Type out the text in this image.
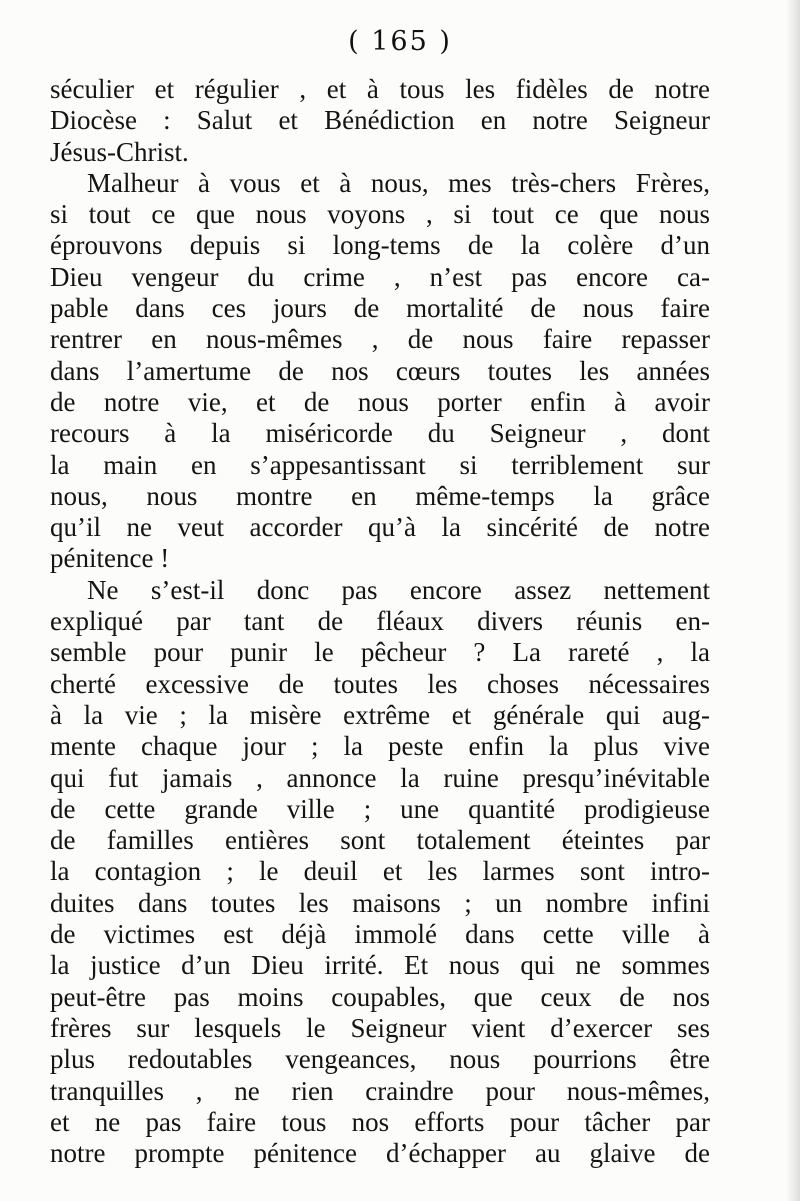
( 165 )
séculier et régulier , et à tous les fidèles de notre
Diocèse : Salut et Bénédiction en notre Seigneur
Jésus-Christ.
Malheur à vous et à nous, mes très-chers Frères,
si tout ce que nous voyons , si tout ce que nous
éprouvons depuis si long-tems de la colère d’un
Dieu vengeur du crime , n’est pas encore ca-
pable dans ces jours de mortalité de nous faire
rentrer en nous-mêmes , de nous faire repasser
dans l’amertume de nos cœurs toutes les années
de notre vie, et de nous porter enfin à avoir
recours à la miséricorde du Seigneur , dont
la main en s’appesantissant si terriblement sur
nous, nous montre en même-temps la grâce
qu’il ne veut accorder qu’à la sincérité de notre
pénitence !
Ne s’est-il donc pas encore assez nettement
expliqué par tant de fléaux divers réunis en-
semble pour punir le pêcheur ? La rareté , la
cherté excessive de toutes les choses nécessaires
à la vie ; la misère extrême et générale qui aug-
mente chaque jour ; la peste enfin la plus vive
qui fut jamais , annonce la ruine presqu’inévitable
de cette grande ville ; une quantité prodigieuse
de familles entières sont totalement éteintes par
la contagion ; le deuil et les larmes sont intro-
duites dans toutes les maisons ; un nombre infini
de victimes est déjà immolé dans cette ville à
la justice d’un Dieu irrité. Et nous qui ne sommes
peut-être pas moins coupables, que ceux de nos
frères sur lesquels le Seigneur vient d’exercer ses
plus redoutables vengeances, nous pourrions être
tranquilles , ne rien craindre pour nous-mêmes,
et ne pas faire tous nos efforts pour tâcher par
notre prompte pénitence d’échapper au glaive de
